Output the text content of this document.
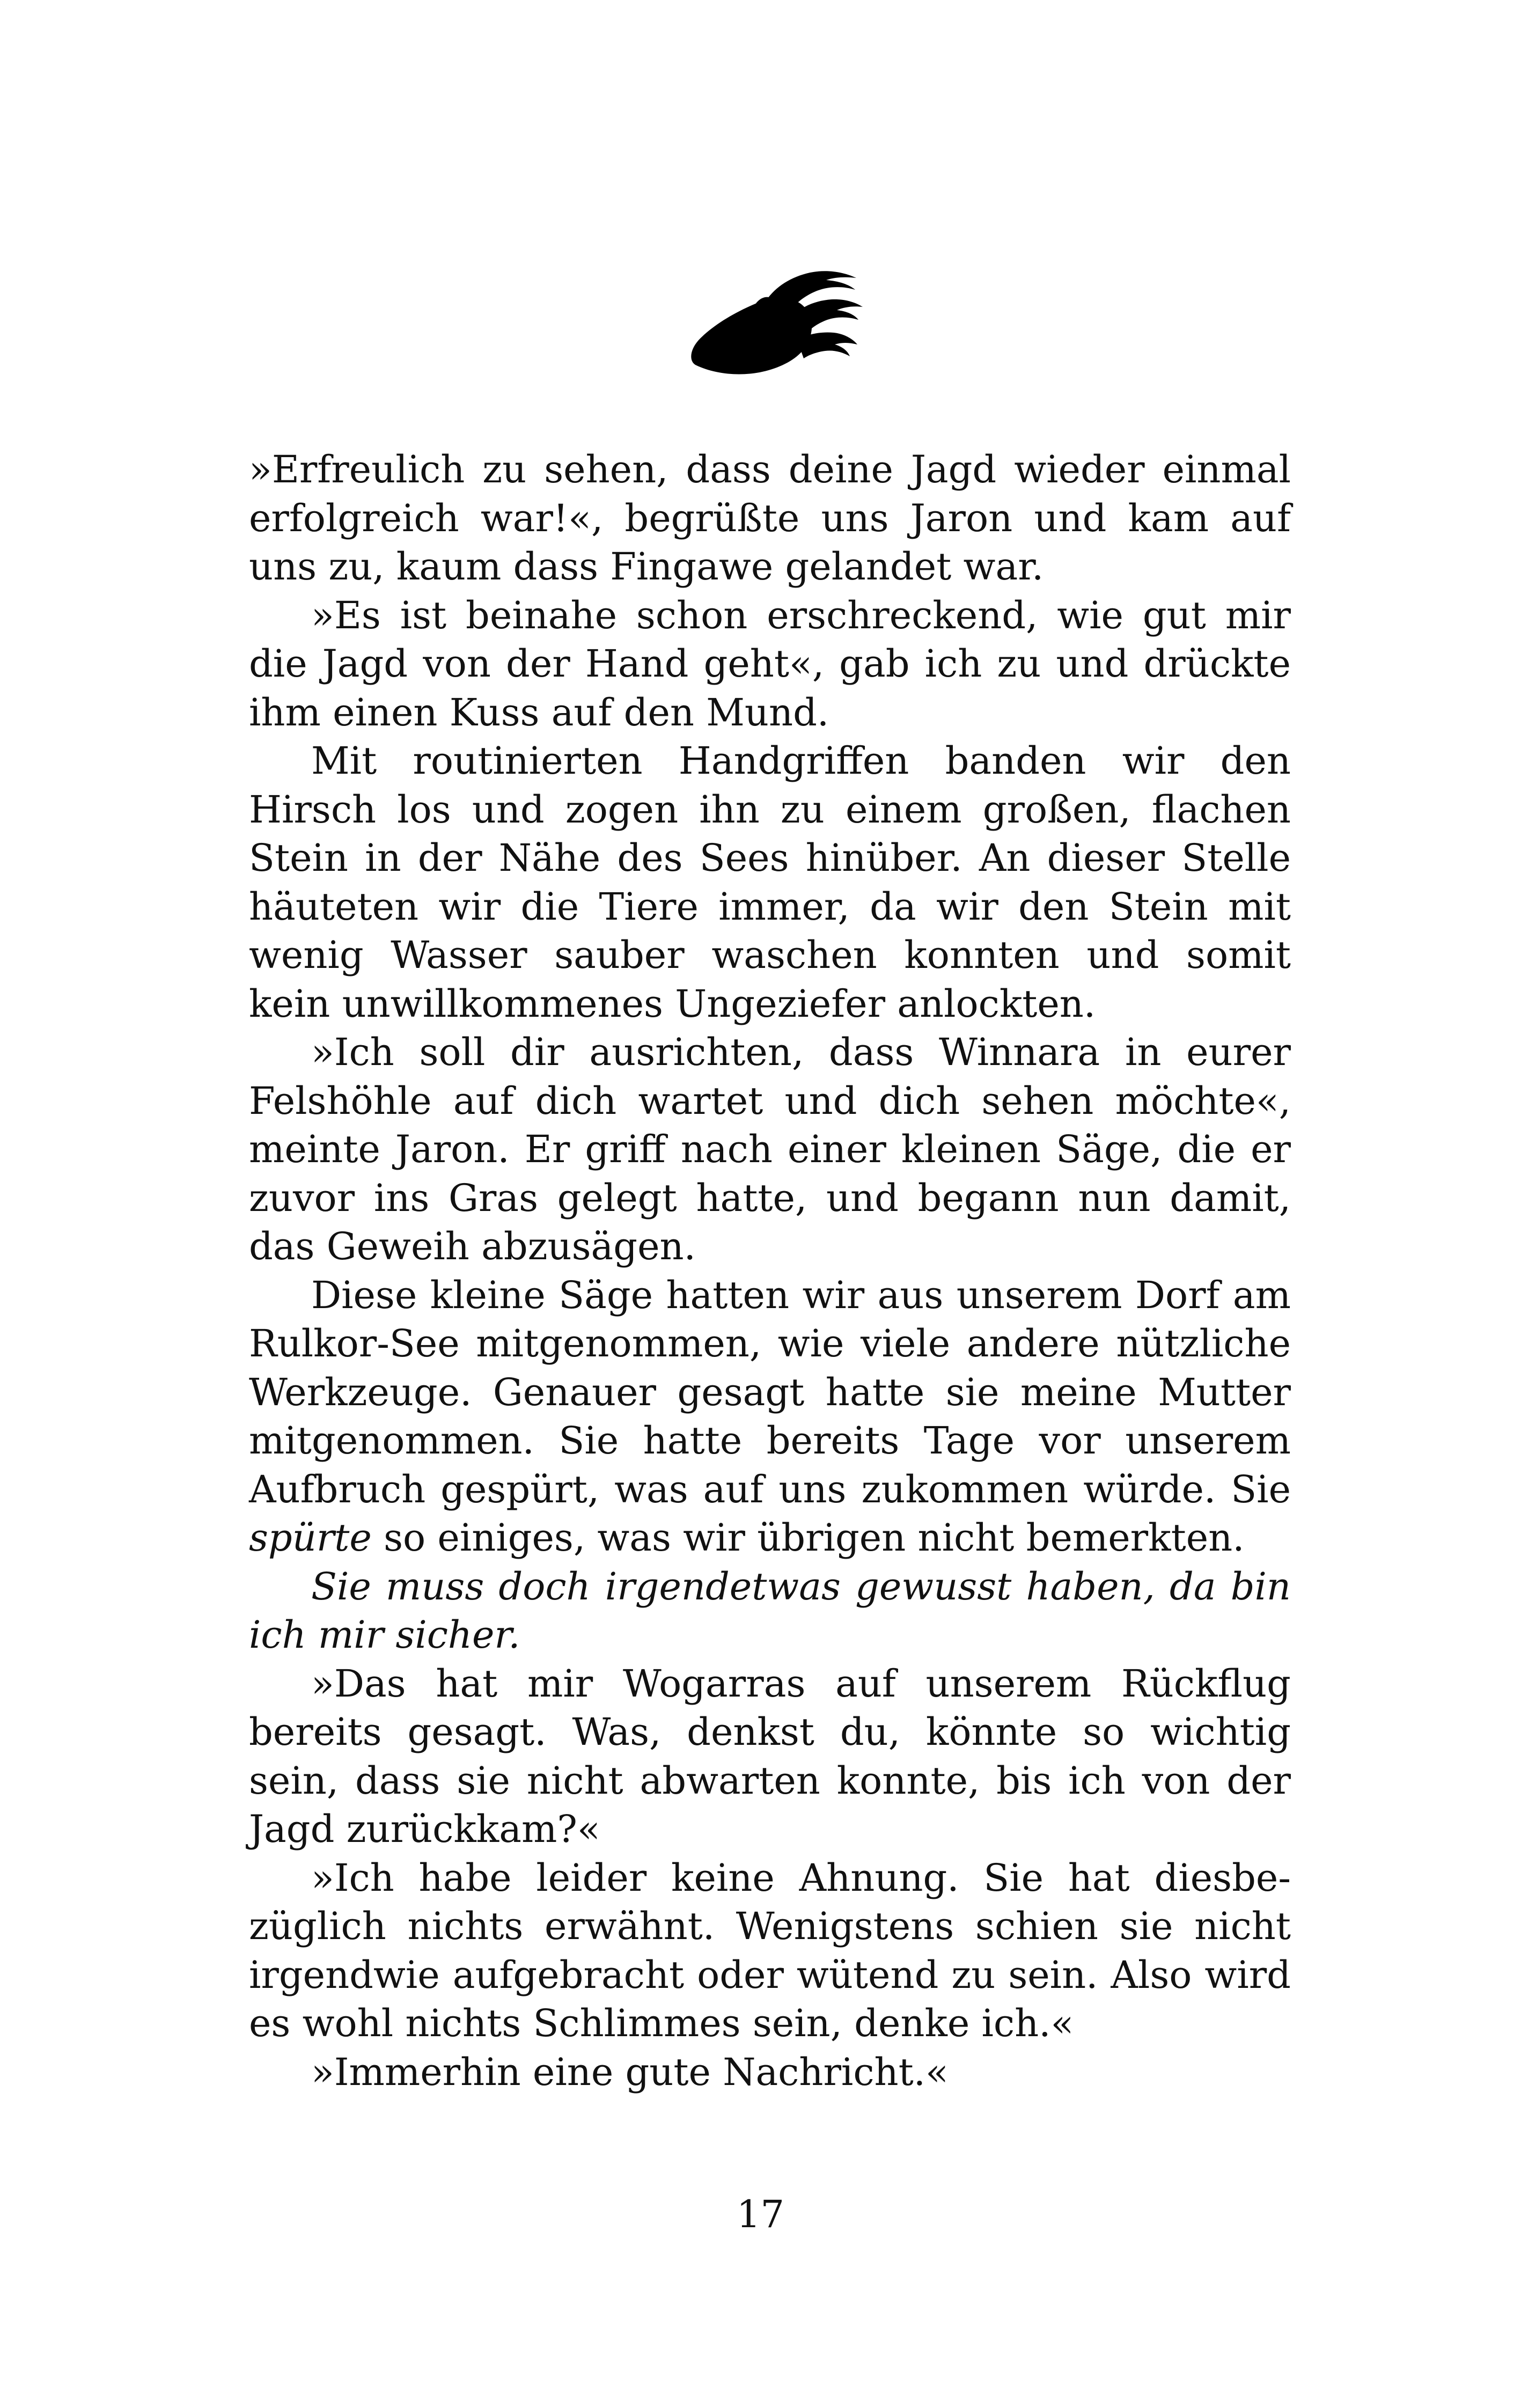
»Erfreulich zu sehen, dass deine Jagd wieder einmal erfolgreich war!«, begrüßte uns Jaron und kam auf uns zu, kaum dass Fingawe gelandet war.

»Es ist beinahe schon erschreckend, wie gut mir die Jagd von der Hand geht«, gab ich zu und drückte ihm einen Kuss auf den Mund.

Mit routinierten Handgriffen banden wir den Hirsch los und zogen ihn zu einem großen, flachen Stein in der Nähe des Sees hinüber. An dieser Stelle häuteten wir die Tiere immer, da wir den Stein mit wenig Wasser sauber waschen konnten und somit kein unwillkommenes Ungeziefer anlockten.

»Ich soll dir ausrichten, dass Winnara in eurer Felshöhle auf dich wartet und dich sehen möchte«, meinte Jaron. Er griff nach einer kleinen Säge, die er zuvor ins Gras gelegt hatte, und begann nun damit, das Geweih abzusägen.

Diese kleine Säge hatten wir aus unserem Dorf am Rulkor-See mitgenommen, wie viele andere nützliche Werkzeuge. Genauer gesagt hatte sie meine Mutter mitgenommen. Sie hatte bereits Tage vor unserem Aufbruch gespürt, was auf uns zukommen würde. Sie spürte so einiges, was wir übrigen nicht bemerkten.

Sie muss doch irgendetwas gewusst haben, da bin ich mir sicher.

»Das hat mir Wogarras auf unserem Rückflug bereits gesagt. Was, denkst du, könnte so wichtig sein, dass sie nicht abwarten konnte, bis ich von der Jagd zurückkam?«

»Ich habe leider keine Ahnung. Sie hat diesbezüglich nichts erwähnt. Wenigstens schien sie nicht irgendwie aufgebracht oder wütend zu sein. Also wird es wohl nichts Schlimmes sein, denke ich.«

»Immerhin eine gute Nachricht.«

17
